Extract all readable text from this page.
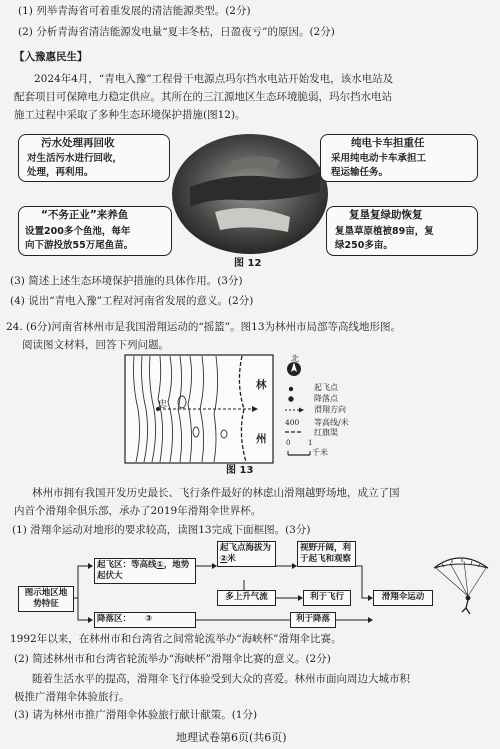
(1) 列举青海省可着重发展的清洁能源类型。(2分)
(2) 分析青海省清洁能源发电量“夏丰冬枯，日盈夜亏”的原因。(2分)
【入豫惠民生】
2024年4月，“青电入豫”工程骨干电源点玛尔挡水电站开始发电，该水电站及
配套项目可保障电力稳定供应。其所在的三江源地区生态环境脆弱，玛尔挡水电站
施工过程中采取了多种生态环境保护措施(图12)。
污水处理再回收
对生活污水进行回收，
处理，再利用。
纯电卡车担重任
采用纯电动卡车承担工
程运输任务。
“不务正业”来养鱼
设置200多个鱼池，每年
向下游投放55万尾鱼苗。
复垦复绿助恢复
复垦草原植被89亩，复
绿250多亩。
图 12
(3) 简述上述生态环境保护措施的具体作用。(3分)
(4) 说出“青电入豫”工程对河南省发展的意义。(2分)
24. (6分)河南省林州市是我国滑翔运动的“摇篮”。图13为林州市局部等高线地形图。
阅读图文材料，回答下列问题。
林
州
忠
北
起飞点
降落点
滑翔方向
400 等高线/米
红旗渠
0	1
千米
图 13
林州市拥有我国开发历史最长、飞行条件最好的林虑山滑翔越野场地，成立了国
内首个滑翔伞俱乐部，承办了2019年滑翔伞世界杯。
(1) 滑翔伞运动对地形的要求较高，读图13完成下面框图。(3分)
图示地区地势特征
起飞区：等高线①，地势起伏大
起飞点海拔为②米
视野开阔，利于起飞和观察
多上升气流	利于飞行
降落区： ③	利于降落
滑翔伞运动
1992年以来，在林州市和台湾省之间常轮流举办“海峡杯”滑翔伞比赛。
(2) 简述林州市和台湾省轮流举办“海峡杯”滑翔伞比赛的意义。(2分)
随着生活水平的提高，滑翔伞飞行体验受到大众的喜爱。林州市面向周边大城市积
极推广滑翔伞体验旅行。
(3) 请为林州市推广滑翔伞体验旅行献计献策。(1分)
地理试卷第6页(共6页)
